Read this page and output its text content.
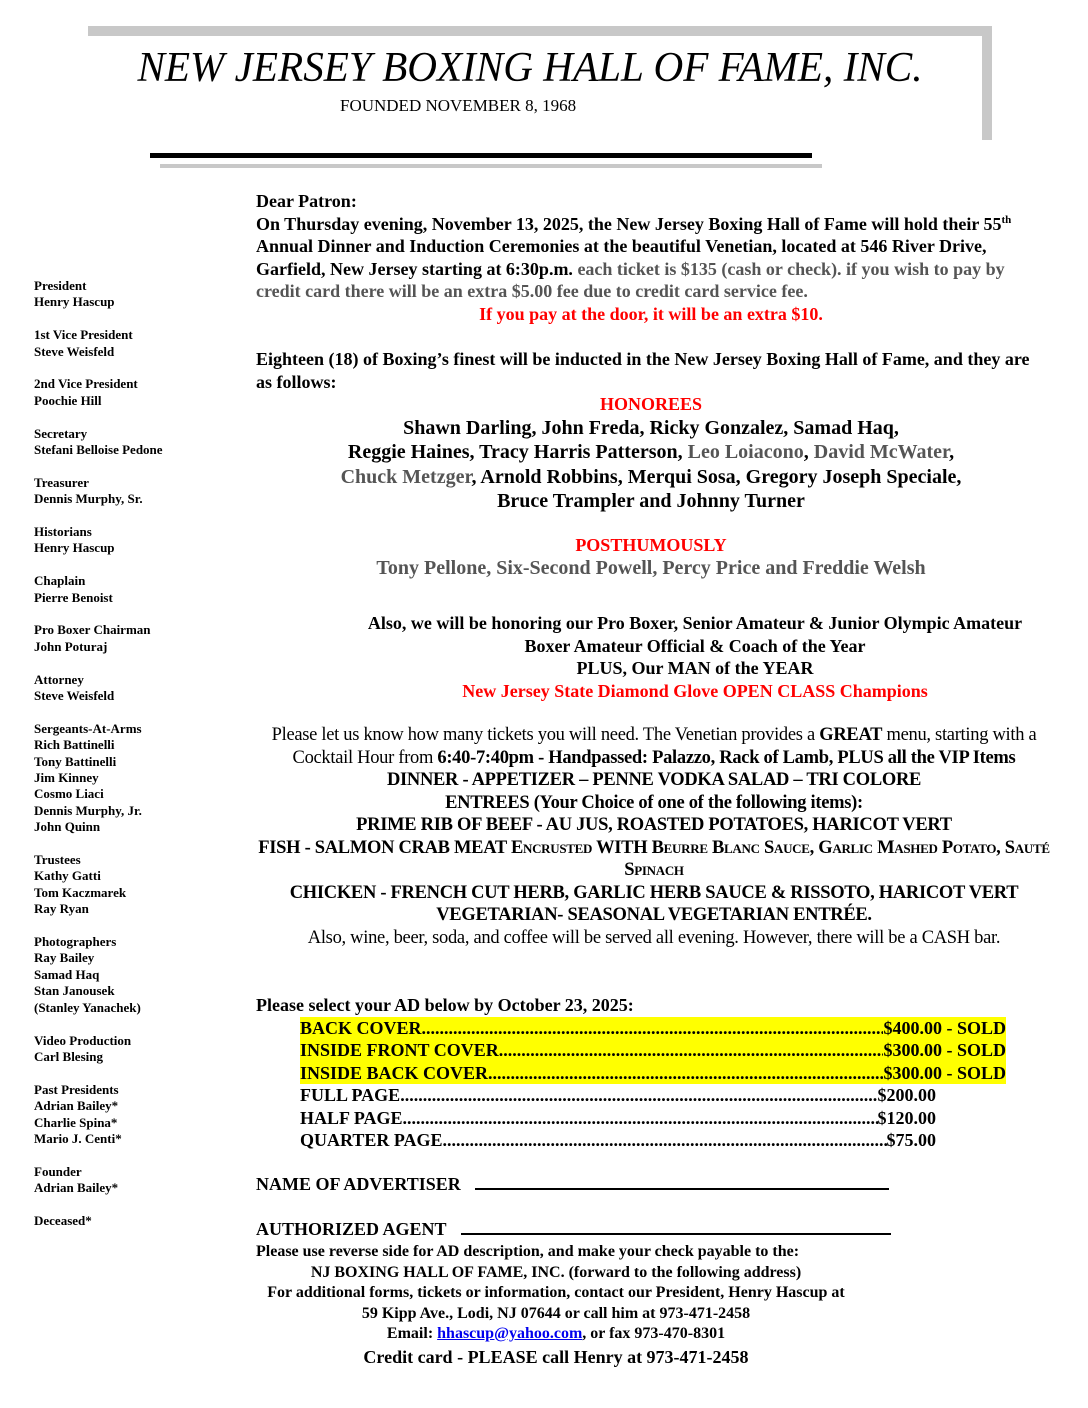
NEW JERSEY BOXING HALL OF FAME, INC.
FOUNDED NOVEMBER 8, 1968
President
Henry Hascup
1st Vice President
Steve Weisfeld
2nd Vice President
Poochie Hill
Secretary
Stefani Belloise Pedone
Treasurer
Dennis Murphy, Sr.
Historians
Henry Hascup
Chaplain
Pierre Benoist
Pro Boxer Chairman
John Poturaj
Attorney
Steve Weisfeld
Sergeants-At-Arms
Rich Battinelli
Tony Battinelli
Jim Kinney
Cosmo Liaci
Dennis Murphy, Jr.
John Quinn
Trustees
Kathy Gatti
Tom Kaczmarek
Ray Ryan
Photographers
Ray Bailey
Samad Haq
Stan Janousek
(Stanley Yanachek)
Video Production
Carl Blesing
Past Presidents
Adrian Bailey*
Charlie Spina*
Mario J. Centi*
Founder
Adrian Bailey*
Deceased*
Dear Patron:
On Thursday evening, November 13, 2025, the New Jersey Boxing Hall of Fame will hold their 55th Annual Dinner and Induction Ceremonies at the beautiful Venetian, located at 546 River Drive, Garfield, New Jersey starting at 6:30p.m. each ticket is $135 (cash or check). if you wish to pay by credit card there will be an extra $5.00 fee due to credit card service fee.
If you pay at the door, it will be an extra $10.
Eighteen (18) of Boxing’s finest will be inducted in the New Jersey Boxing Hall of Fame, and they are as follows:
HONOREES
Shawn Darling, John Freda, Ricky Gonzalez, Samad Haq,
Reggie Haines, Tracy Harris Patterson, Leo Loiacono, David McWater,
Chuck Metzger, Arnold Robbins, Merqui Sosa, Gregory Joseph Speciale,
Bruce Trampler and Johnny Turner
POSTHUMOUSLY
Tony Pellone, Six-Second Powell, Percy Price and Freddie Welsh
Also, we will be honoring our Pro Boxer, Senior Amateur & Junior Olympic Amateur
Boxer Amateur Official & Coach of the Year
PLUS, Our MAN of the YEAR
New Jersey State Diamond Glove OPEN CLASS Champions
Please let us know how many tickets you will need. The Venetian provides a GREAT menu, starting with a Cocktail Hour from 6:40-7:40pm - Handpassed: Palazzo, Rack of Lamb, PLUS all the VIP Items
DINNER - APPETIZER – PENNE VODKA SALAD – TRI COLORE
ENTREES (Your Choice of one of the following items):
PRIME RIB OF BEEF - AU JUS, ROASTED POTATOES, HARICOT VERT
FISH - SALMON CRAB MEAT Encrusted WITH Beurre Blanc Sauce, Garlic Mashed Potato, Sauté Spinach
CHICKEN - FRENCH CUT HERB, GARLIC HERB SAUCE & RISSOTO, HARICOT VERT
VEGETARIAN- SEASONAL VEGETARIAN ENTRÉE.
Also, wine, beer, soda, and coffee will be served all evening. However, there will be a CASH bar.
Please select your AD below by October 23, 2025:
BACK COVER .....	$400.00 - SOLD
INSIDE FRONT COVER .....	$300.00 - SOLD
INSIDE BACK COVER .....	$300.00 - SOLD
FULL PAGE .....	$200.00
HALF PAGE .....	$120.00
QUARTER PAGE .....	$75.00
NAME OF ADVERTISER
AUTHORIZED AGENT
Please use reverse side for AD description, and make your check payable to the:
NJ BOXING HALL OF FAME, INC. (forward to the following address)
For additional forms, tickets or information, contact our President, Henry Hascup at
59 Kipp Ave., Lodi, NJ 07644 or call him at 973-471-2458
Email: hhascup@yahoo.com, or fax 973-470-8301
Credit card - PLEASE call Henry at 973-471-2458
